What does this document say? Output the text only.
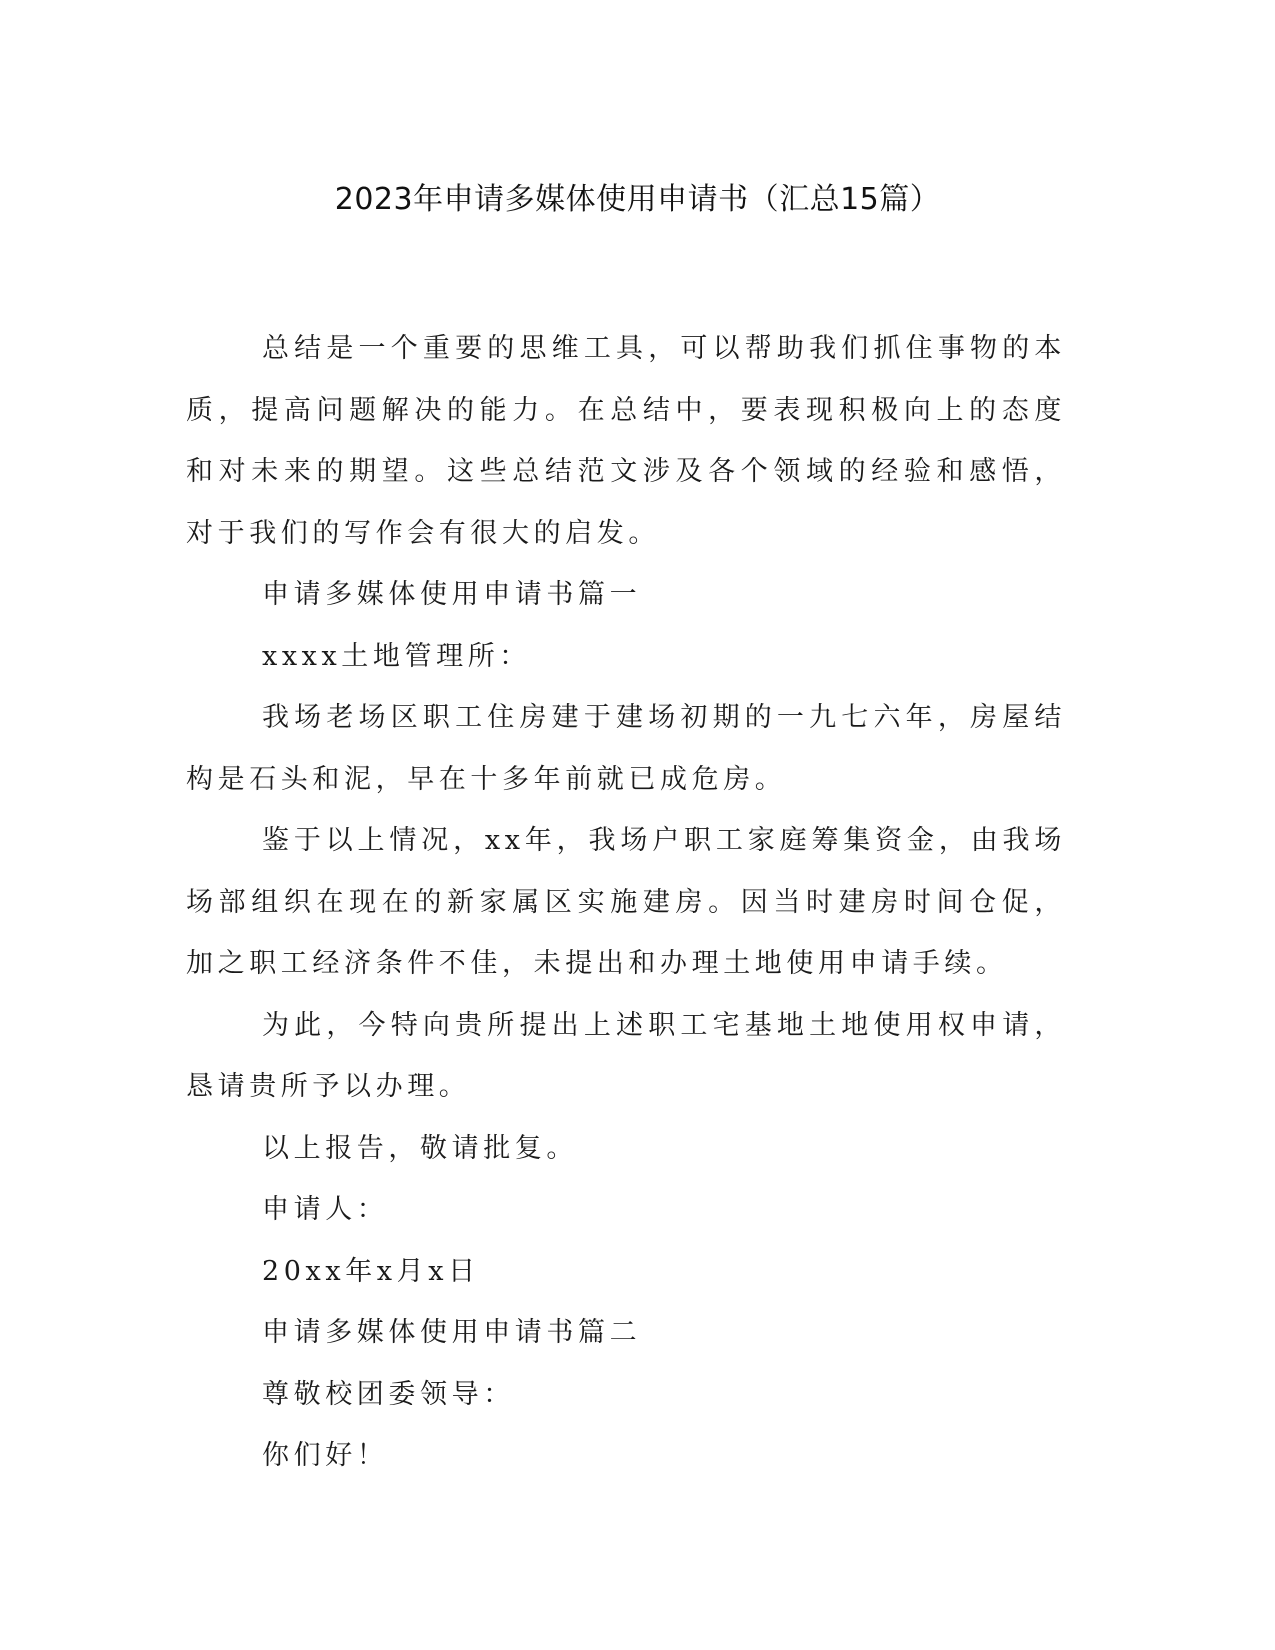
2023年申请多媒体使用申请书（汇总15篇）

总结是一个重要的思维工具，可以帮助我们抓住事物的本质，提高问题解决的能力。在总结中，要表现积极向上的态度和对未来的期望。这些总结范文涉及各个领域的经验和感悟，对于我们的写作会有很大的启发。

申请多媒体使用申请书篇一

xxxx土地管理所：

我场老场区职工住房建于建场初期的一九七六年，房屋结构是石头和泥，早在十多年前就已成危房。

鉴于以上情况，xx年，我场户职工家庭筹集资金，由我场场部组织在现在的新家属区实施建房。因当时建房时间仓促，加之职工经济条件不佳，未提出和办理土地使用申请手续。

为此，今特向贵所提出上述职工宅基地土地使用权申请，恳请贵所予以办理。

以上报告，敬请批复。

申请人：

20xx年x月x日

申请多媒体使用申请书篇二

尊敬校团委领导：

你们好！
